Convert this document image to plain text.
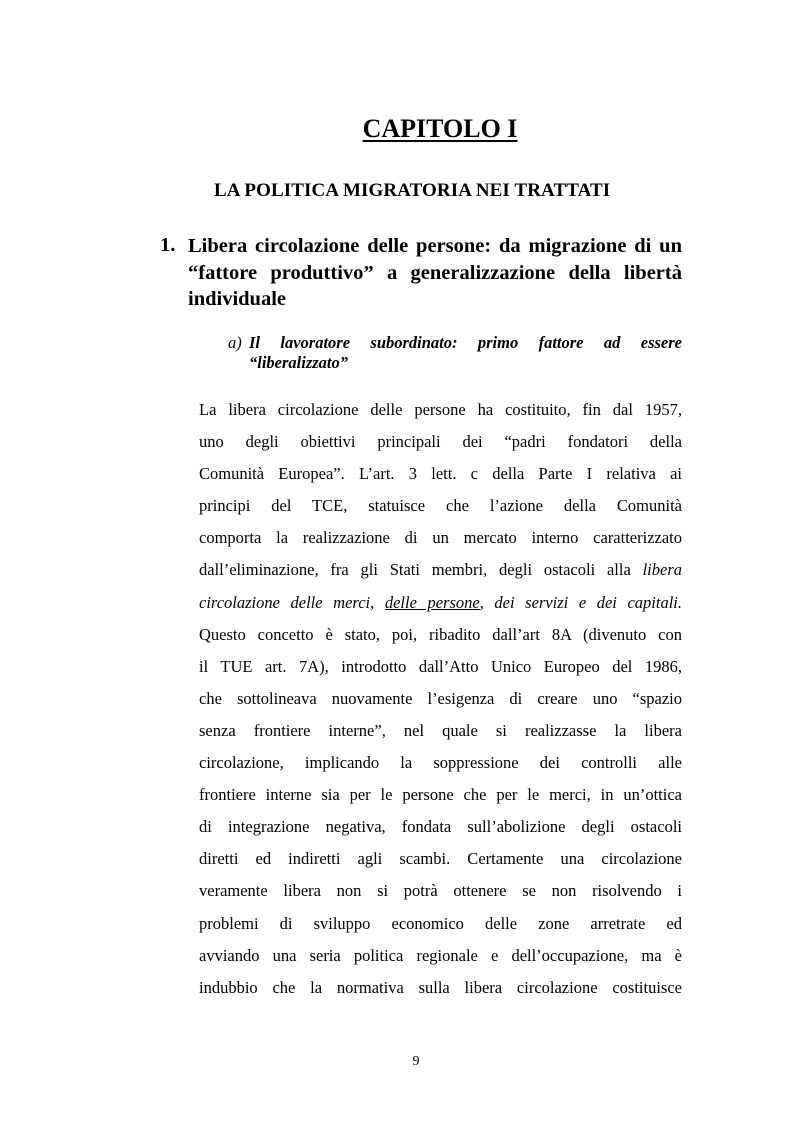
CAPITOLO I
LA POLITICA MIGRATORIA NEI TRATTATI
1. Libera circolazione delle persone: da migrazione di un “fattore produttivo” a generalizzazione della libertà individuale
a) Il lavoratore subordinato: primo fattore ad essere “liberalizzato”
La libera circolazione delle persone ha costituito, fin dal 1957,
uno degli obiettivi principali dei “padri fondatori della
Comunità Europea”. L’art. 3 lett. c della Parte I relativa ai
principi del TCE, statuisce che l’azione della Comunità
comporta la realizzazione di un mercato interno caratterizzato
dall’eliminazione, fra gli Stati membri, degli ostacoli alla libera
circolazione delle merci, delle persone, dei servizi e dei capitali.
Questo concetto è stato, poi, ribadito dall’art 8A (divenuto con
il TUE art. 7A), introdotto dall’Atto Unico Europeo del 1986,
che sottolineava nuovamente l’esigenza di creare uno “spazio
senza frontiere interne”, nel quale si realizzasse la libera
circolazione, implicando la soppressione dei controlli alle
frontiere interne sia per le persone che per le merci, in un’ottica
di integrazione negativa, fondata sull’abolizione degli ostacoli
diretti ed indiretti agli scambi. Certamente una circolazione
veramente libera non si potrà ottenere se non risolvendo i
problemi di sviluppo economico delle zone arretrate ed
avviando una seria politica regionale e dell’occupazione, ma è
indubbio che la normativa sulla libera circolazione costituisce
9
